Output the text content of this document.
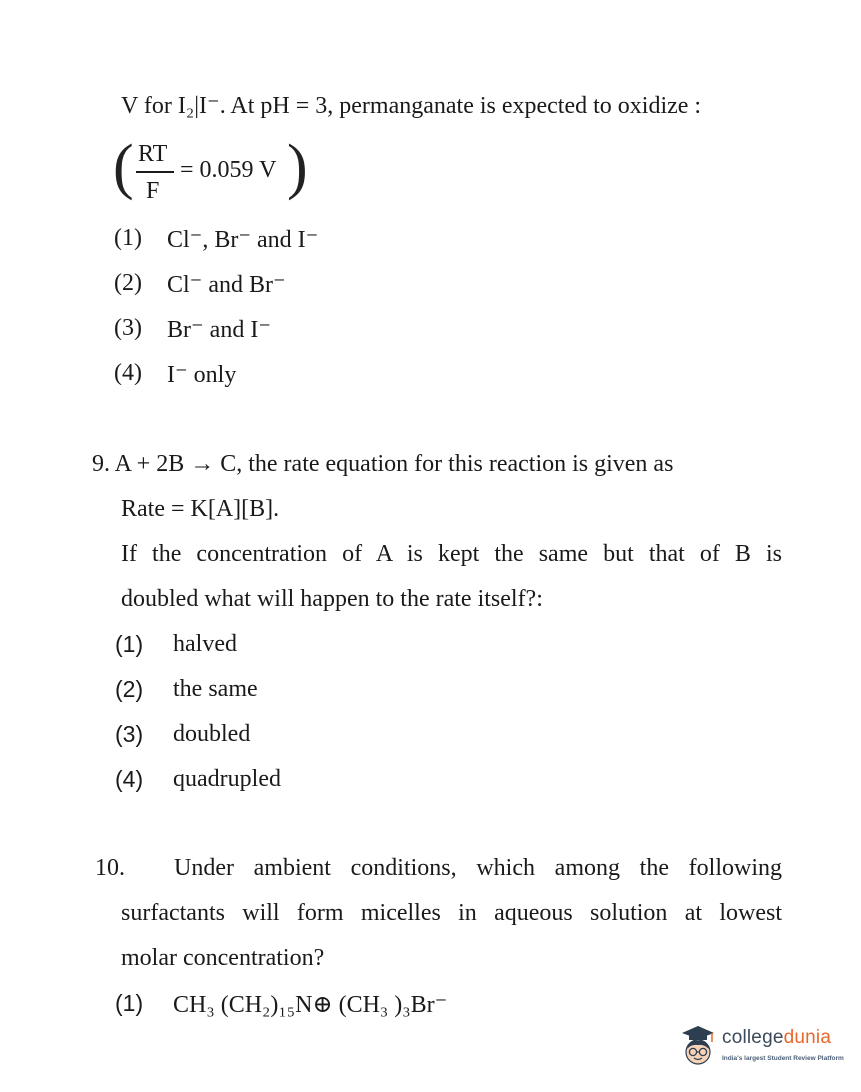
V for I₂|I⁻. At pH = 3, permanganate is expected to oxidize :
( RT
F
= 0.059 V )
(1) Cl⁻, Br⁻ and I⁻
(2) Cl⁻ and Br⁻
(3) Br⁻ and I⁻
(4) I⁻ only
9. A + 2B → C, the rate equation for this reaction is given as
Rate = K[A][B].
If the concentration of A is kept the same but that of B is
doubled what will happen to the rate itself?:
(1) halved
(2) the same
(3) doubled
(4) quadrupled
10. Under ambient conditions, which among the following
surfactants will form micelles in aqueous solution at lowest
molar concentration?
(1) CH₃ (CH₂)₁₅N⊕ (CH₃ )₃Br⁻
collegedunia
India's largest Student Review Platform
